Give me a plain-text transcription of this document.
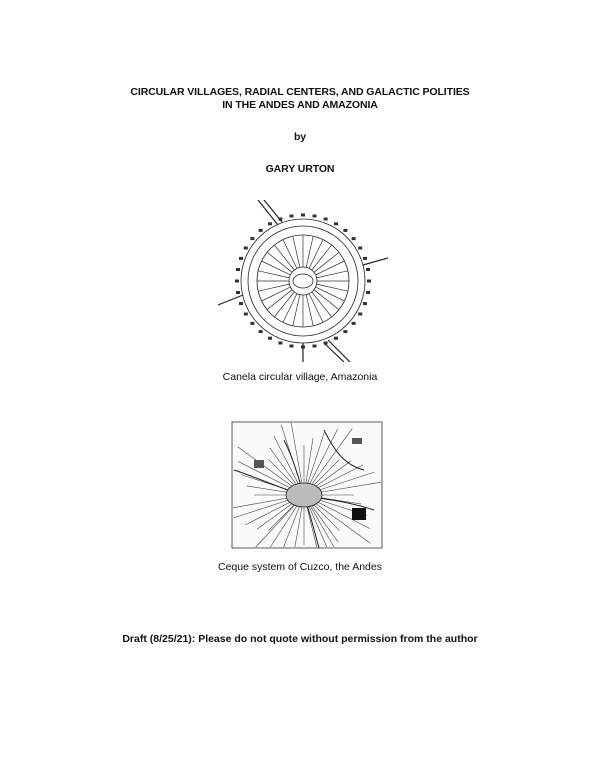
CIRCULAR VILLAGES, RADIAL CENTERS, AND GALACTIC POLITIES
IN THE ANDES AND AMAZONIA
by
GARY URTON
Canela circular village, Amazonia
Ceque system of Cuzco, the Andes
Draft (8/25/21): Please do not quote without permission from the author
